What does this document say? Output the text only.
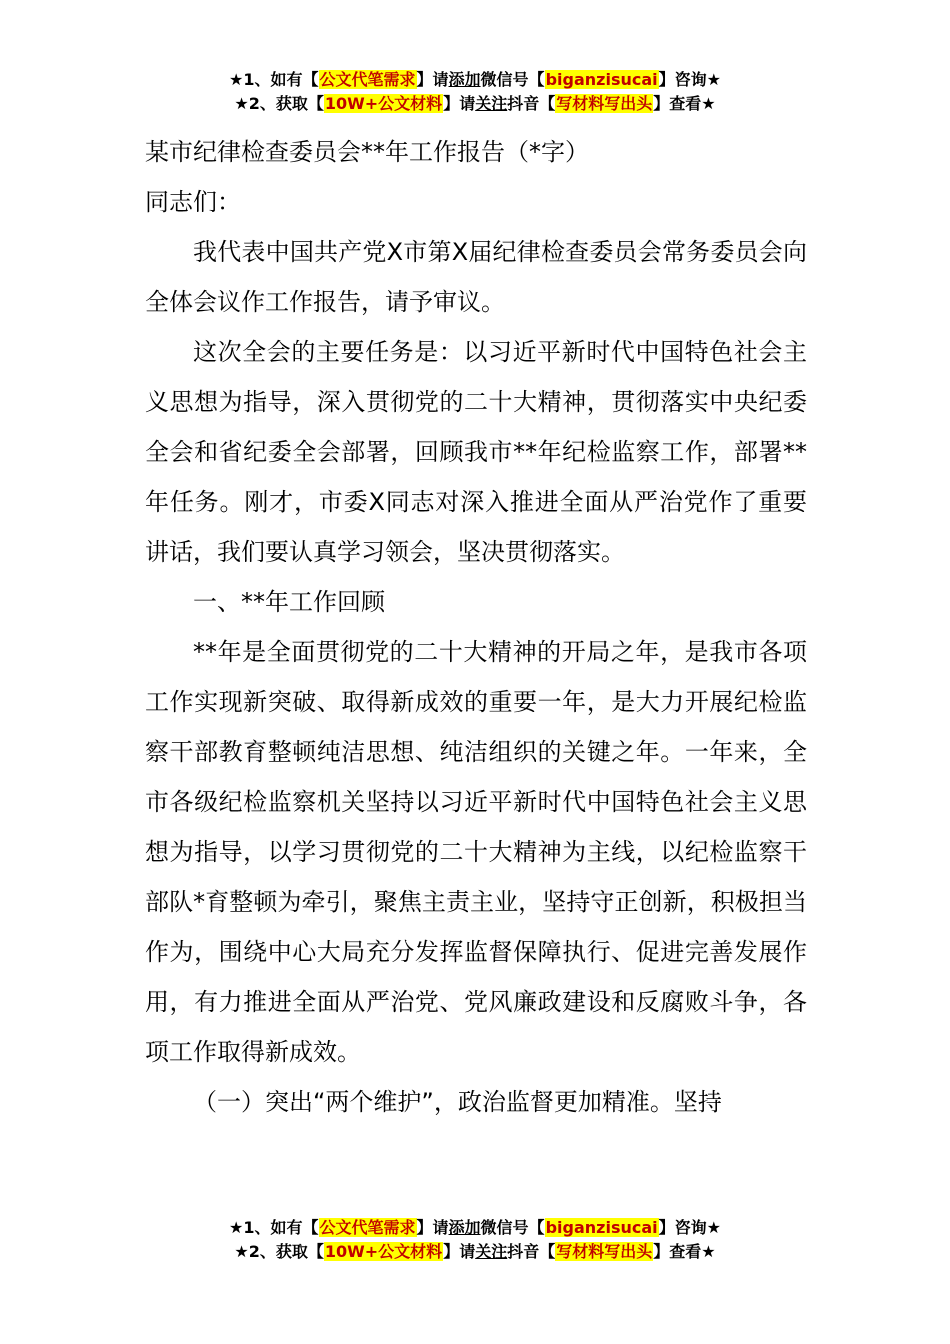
★1、如有【公文代笔需求】请添加微信号【biganzisucai】咨询★
★2、获取【10W+公文材料】请关注抖音【写材料写出头】查看★

某市纪律检查委员会**年工作报告（*字）

同志们：

我代表中国共产党X市第X届纪律检查委员会常务委员会向全体会议作工作报告，请予审议。

这次全会的主要任务是：以习近平新时代中国特色社会主义思想为指导，深入贯彻党的二十大精神，贯彻落实中央纪委全会和省纪委全会部署，回顾我市**年纪检监察工作，部署**年任务。刚才，市委X同志对深入推进全面从严治党作了重要讲话，我们要认真学习领会，坚决贯彻落实。

一、**年工作回顾

**年是全面贯彻党的二十大精神的开局之年，是我市各项工作实现新突破、取得新成效的重要一年，是大力开展纪检监察干部教育整顿纯洁思想、纯洁组织的关键之年。一年来，全市各级纪检监察机关坚持以习近平新时代中国特色社会主义思想为指导，以学习贯彻党的二十大精神为主线，以纪检监察干部队*育整顿为牵引，聚焦主责主业，坚持守正创新，积极担当作为，围绕中心大局充分发挥监督保障执行、促进完善发展作用，有力推进全面从严治党、党风廉政建设和反腐败斗争，各项工作取得新成效。

（一）突出“两个维护”，政治监督更加精准。坚持

★1、如有【公文代笔需求】请添加微信号【biganzisucai】咨询★
★2、获取【10W+公文材料】请关注抖音【写材料写出头】查看★
